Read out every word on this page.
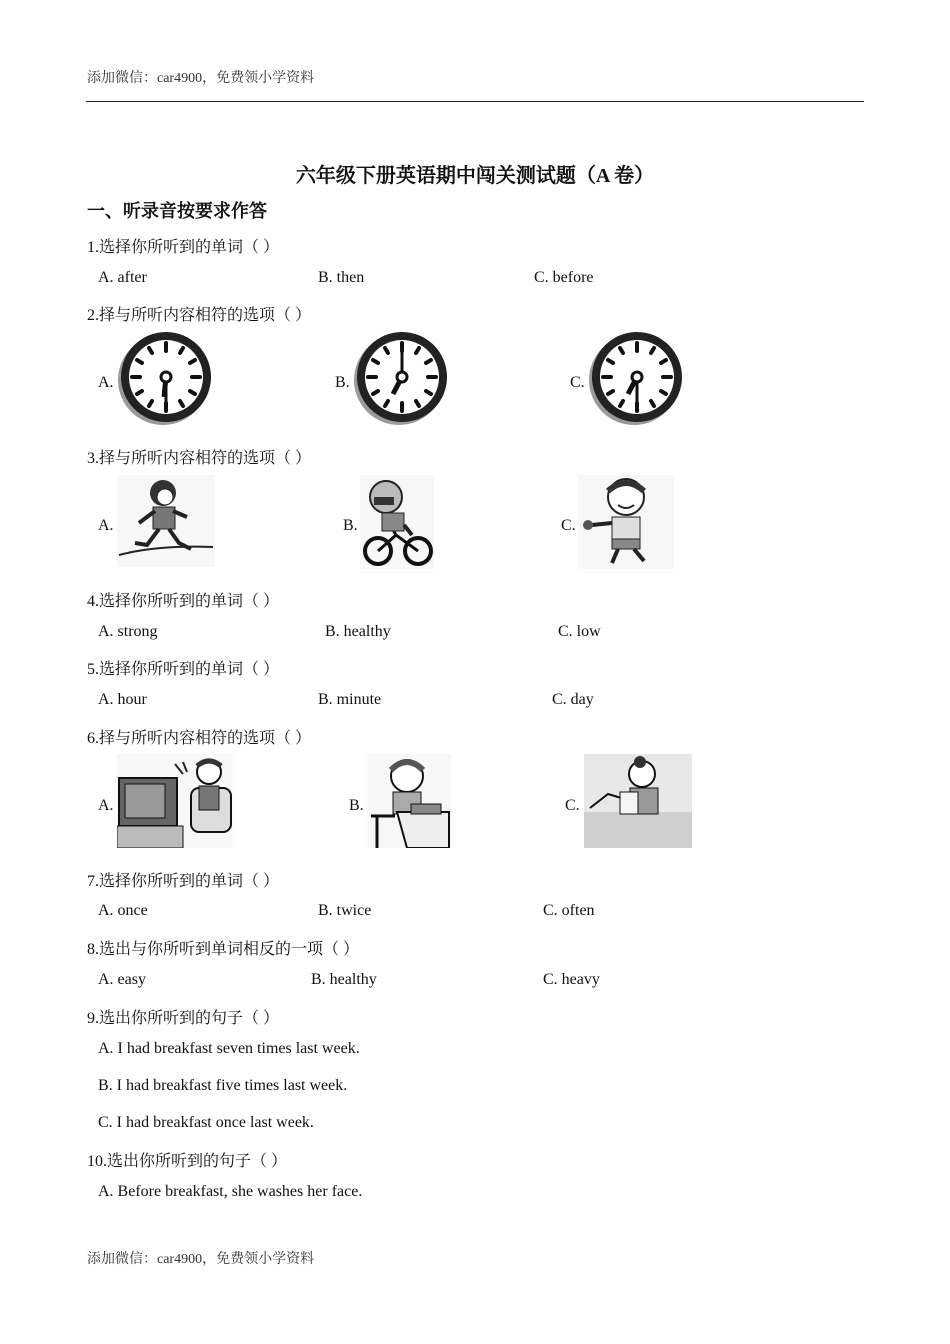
添加微信：car4900，免费领小学资料
六年级下册英语期中闯关测试题（A 卷）
一、听录音按要求作答
1.选择你所听到的单词（ ）
A. after	B. then	C. before
2.择与所听内容相符的选项（ ）
A.	B.	C.
3.择与所听内容相符的选项（ ）
A.	B.	C.
4.选择你所听到的单词（ ）
A. strong	B. healthy	C. low
5.选择你所听到的单词（ ）
A. hour	B. minute	C. day
6.择与所听内容相符的选项（ ）
A.	B.	C.
7.选择你所听到的单词（ ）
A. once	B. twice	C. often
8.选出与你所听到单词相反的一项（ ）
A. easy	B. healthy	C. heavy
9.选出你所听到的句子（ ）
A. I had breakfast seven times last week.
B. I had breakfast five times last week.
C. I had breakfast once last week.
10.选出你所听到的句子（ ）
A. Before breakfast, she washes her face.
添加微信：car4900，免费领小学资料
